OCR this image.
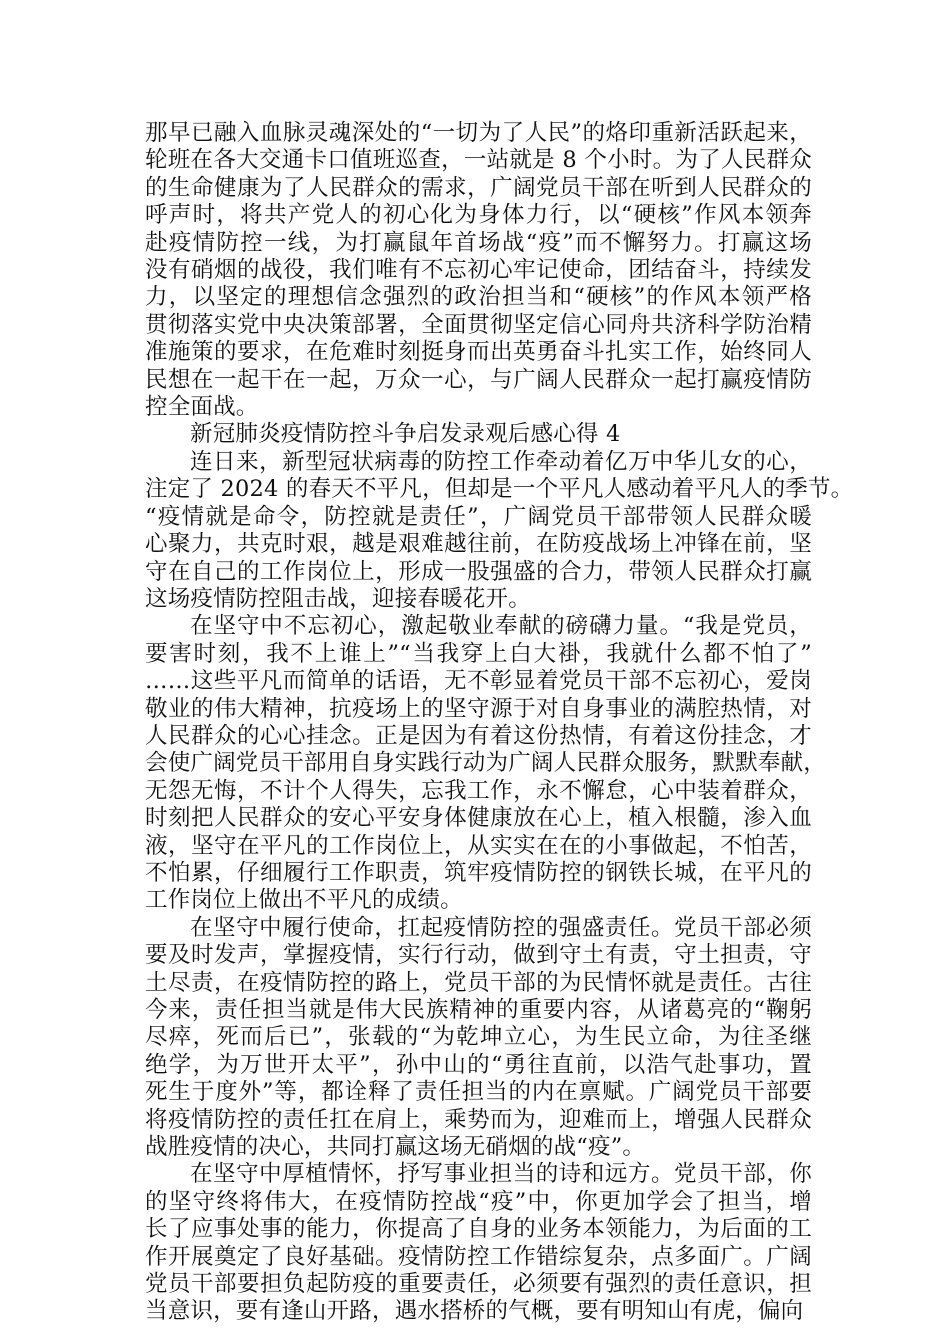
那早已融入血脉灵魂深处的“一切为了人民”的烙印重新活跃起来，
轮班在各大交通卡口值班巡查，一站就是 8 个小时。为了人民群众
的生命健康为了人民群众的需求，广阔党员干部在听到人民群众的
呼声时，将共产党人的初心化为身体力行，以“硬核”作风本领奔
赴疫情防控一线，为打赢鼠年首场战“疫”而不懈努力。打赢这场
没有硝烟的战役，我们唯有不忘初心牢记使命，团结奋斗，持续发
力，以坚定的理想信念强烈的政治担当和“硬核”的作风本领严格
贯彻落实党中央决策部署，全面贯彻坚定信心同舟共济科学防治精
准施策的要求，在危难时刻挺身而出英勇奋斗扎实工作，始终同人
民想在一起干在一起，万众一心，与广阔人民群众一起打赢疫情防
控全面战。
新冠肺炎疫情防控斗争启发录观后感心得 4
连日来，新型冠状病毒的防控工作牵动着亿万中华儿女的心，
注定了 2024 的春天不平凡，但却是一个平凡人感动着平凡人的季节。
“疫情就是命令，防控就是责任”，广阔党员干部带领人民群众暖
心聚力，共克时艰，越是艰难越往前，在防疫战场上冲锋在前，坚
守在自己的工作岗位上，形成一股强盛的合力，带领人民群众打赢
这场疫情防控阻击战，迎接春暖花开。
在坚守中不忘初心，激起敬业奉献的磅礴力量。“我是党员，
要害时刻，我不上谁上”“当我穿上白大褂，我就什么都不怕了”
……这些平凡而简单的话语，无不彰显着党员干部不忘初心，爱岗
敬业的伟大精神，抗疫场上的坚守源于对自身事业的满腔热情，对
人民群众的心心挂念。正是因为有着这份热情，有着这份挂念，才
会使广阔党员干部用自身实践行动为广阔人民群众服务，默默奉献，
无怨无悔，不计个人得失，忘我工作，永不懈怠，心中装着群众，
时刻把人民群众的安心平安身体健康放在心上，植入根髓，渗入血
液，坚守在平凡的工作岗位上，从实实在在的小事做起，不怕苦，
不怕累，仔细履行工作职责，筑牢疫情防控的钢铁长城，在平凡的
工作岗位上做出不平凡的成绩。
在坚守中履行使命，扛起疫情防控的强盛责任。党员干部必须
要及时发声，掌握疫情，实行行动，做到守土有责，守土担责，守
土尽责，在疫情防控的路上，党员干部的为民情怀就是责任。古往
今来，责任担当就是伟大民族精神的重要内容，从诸葛亮的“鞠躬
尽瘁，死而后已”，张载的“为乾坤立心，为生民立命，为往圣继
绝学，为万世开太平”，孙中山的“勇往直前，以浩气赴事功，置
死生于度外”等，都诠释了责任担当的内在禀赋。广阔党员干部要
将疫情防控的责任扛在肩上，乘势而为，迎难而上，增强人民群众
战胜疫情的决心，共同打赢这场无硝烟的战“疫”。
在坚守中厚植情怀，抒写事业担当的诗和远方。党员干部，你
的坚守终将伟大，在疫情防控战“疫”中，你更加学会了担当，增
长了应事处事的能力，你提高了自身的业务本领能力，为后面的工
作开展奠定了良好基础。疫情防控工作错综复杂，点多面广。广阔
党员干部要担负起防疫的重要责任，必须要有强烈的责任意识，担
当意识，要有逢山开路，遇水搭桥的气概，要有明知山有虎，偏向
